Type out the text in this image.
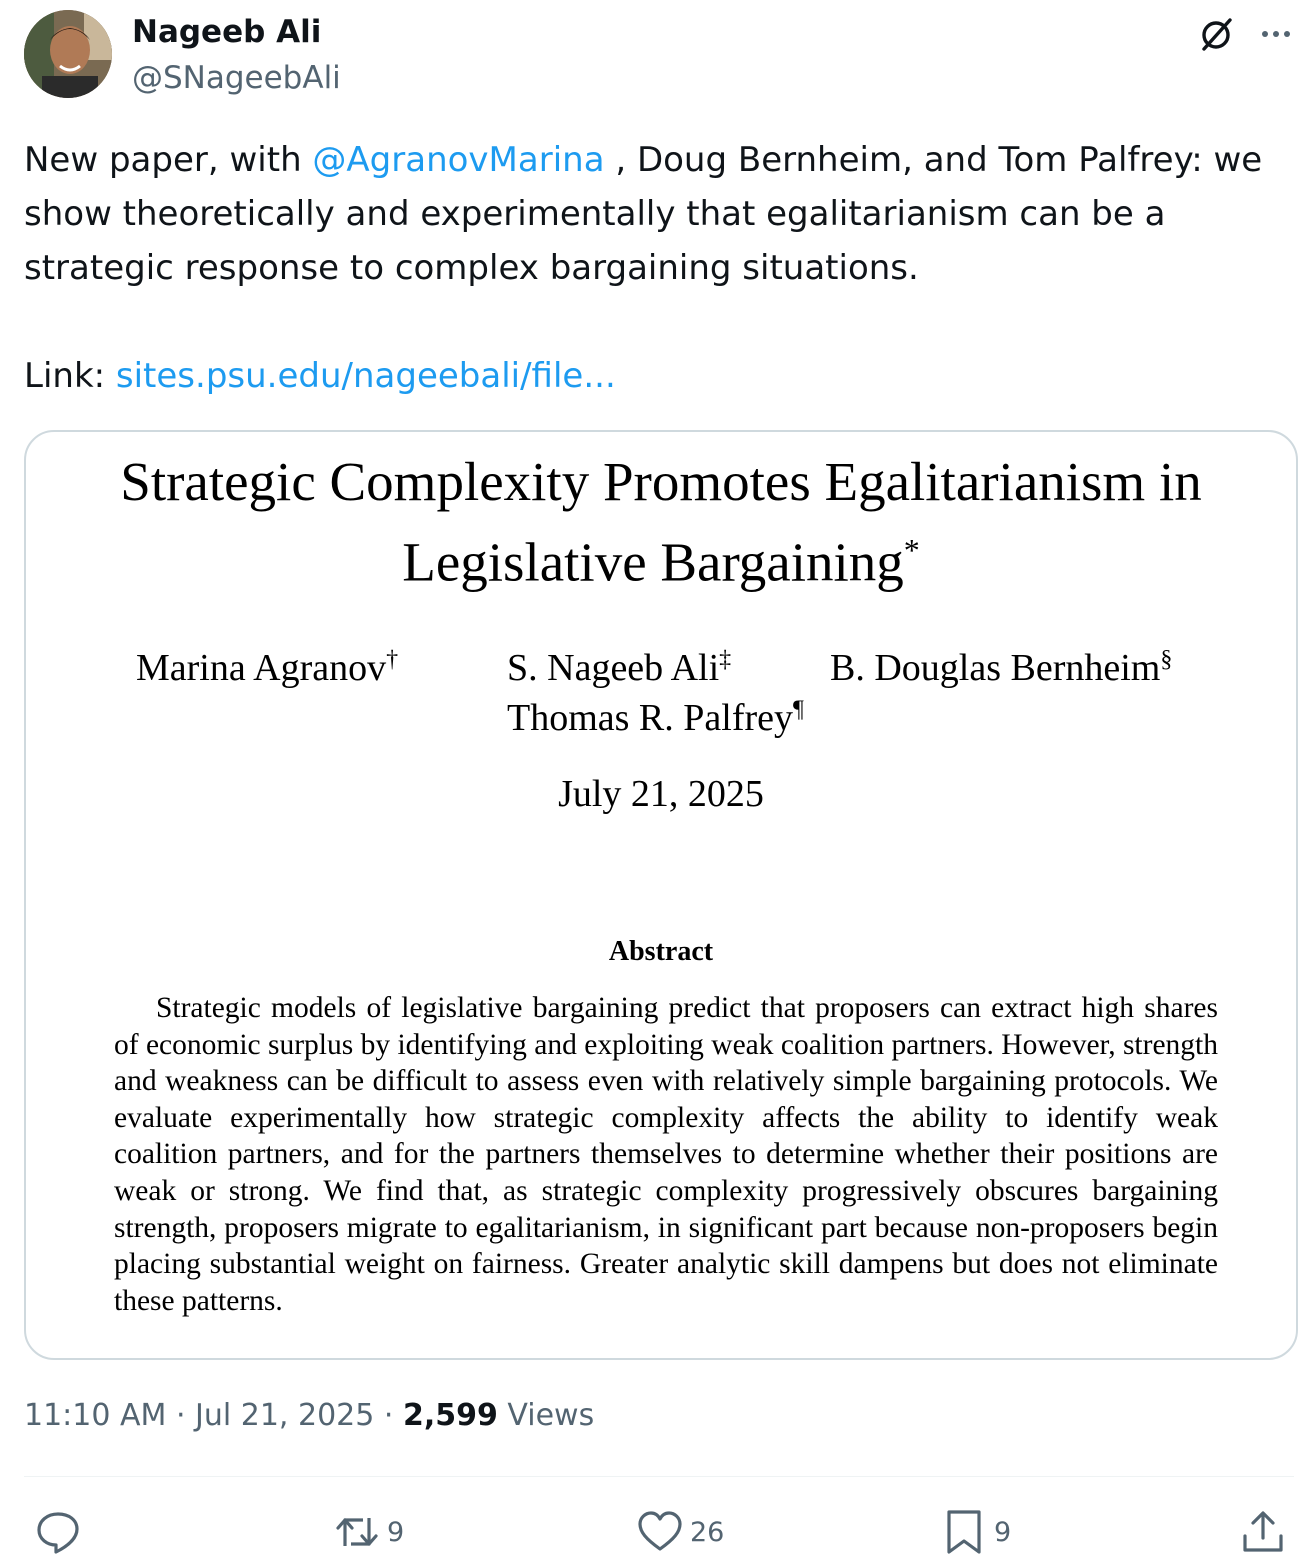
Nageeb Ali
@SNageebAli

New paper, with @AgranovMarina , Doug Bernheim, and Tom Palfrey: we show theoretically and experimentally that egalitarianism can be a strategic response to complex bargaining situations.

Link: sites.psu.edu/nageebali/file...

Strategic Complexity Promotes Egalitarianism in
Legislative Bargaining*
Marina Agranov†	S. Nageeb Ali‡	B. Douglas Bernheim§
Thomas R. Palfrey¶
July 21, 2025
Abstract
Strategic models of legislative bargaining predict that proposers can extract high shares of economic surplus by identifying and exploiting weak coalition partners. However, strength and weakness can be difficult to assess even with relatively simple bargaining protocols. We evaluate experimentally how strategic complexity affects the ability to identify weak coalition partners, and for the partners themselves to determine whether their positions are weak or strong. We find that, as strategic complexity progressively obscures bargaining strength, proposers migrate to egalitarianism, in significant part because non-proposers begin placing substantial weight on fairness. Greater analytic skill dampens but does not eliminate these patterns.
11:10 AM · Jul 21, 2025 · 2,599 Views
9	26	9
